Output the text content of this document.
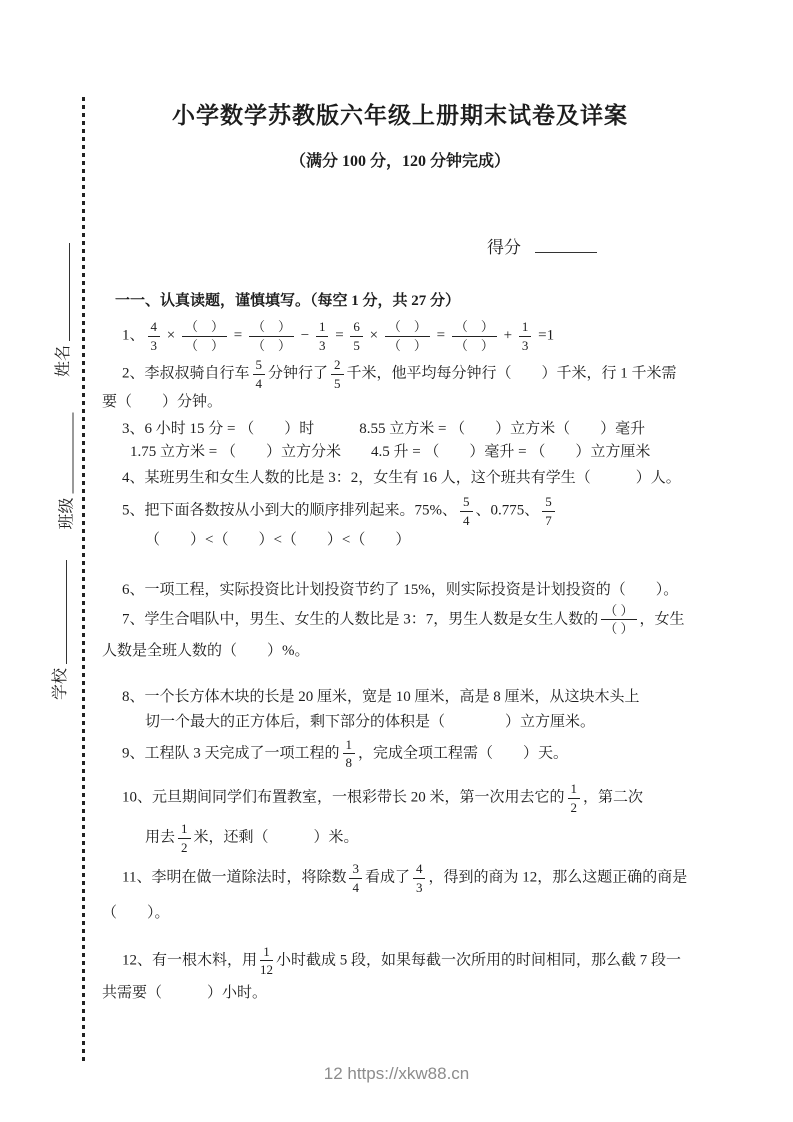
小学数学苏教版六年级上册期末试卷及详案
（满分 100 分，120 分钟完成）
得分
姓名
班级
学校
一一、认真读题，谨慎填写。（每空 1 分，共 27 分）
1、 $\frac{4}{3} \times \frac{( )}{( )} = \frac{( )}{( )} - \frac{1}{3} = \frac{6}{5} \times \frac{( )}{( )} = \frac{( )}{( )} + \frac{1}{3} =1$
2、李叔叔骑自行车 $\frac{5}{4}$ 分钟行了 $\frac{2}{5}$ 千米，他平均每分钟行（　　）千米，行 1 千米需
要（　　）分钟。
3、6 小时 15 分 = （　　）时　　　8.55 立方米 = （　　）立方米（　　）毫升
1.75 立方米 = （　　）立方分米　　4.5 升 = （　　）毫升 = （　　）立方厘米
4、某班男生和女生人数的比是 3：2，女生有 16 人，这个班共有学生（　　　）人。
5、把下面各数按从小到大的顺序排列起来。75%、 $\frac{5}{4}$ 、0.775、 $\frac{5}{7}$
（　　）<（　　）<（　　）<（　　）
6、一项工程，实际投资比计划投资节约了 15%，则实际投资是计划投资的（　　）。
7、学生合唱队中，男生、女生的人数比是 3：7，男生人数是女生人数的 $\frac{( )}{( )}$ ，女生
人数是全班人数的（　　）%。
8、一个长方体木块的长是 20 厘米，宽是 10 厘米，高是 8 厘米，从这块木头上
切一个最大的正方体后，剩下部分的体积是（　　　　）立方厘米。
9、工程队 3 天完成了一项工程的 $\frac{1}{8}$ ，完成全项工程需（　　）天。
10、元旦期间同学们布置教室，一根彩带长 20 米，第一次用去它的 $\frac{1}{2}$ ，第二次
用去 $\frac{1}{2}$ 米，还剩（　　　）米。
11、李明在做一道除法时，将除数 $\frac{3}{4}$ 看成了 $\frac{4}{3}$ ，得到的商为 12，那么这题正确的商是
（　　）。
12、有一根木料，用 $\frac{1}{12}$ 小时截成 5 段，如果每截一次所用的时间相同，那么截 7 段一
共需要（　　　）小时。
12 https://xkw88.cn
